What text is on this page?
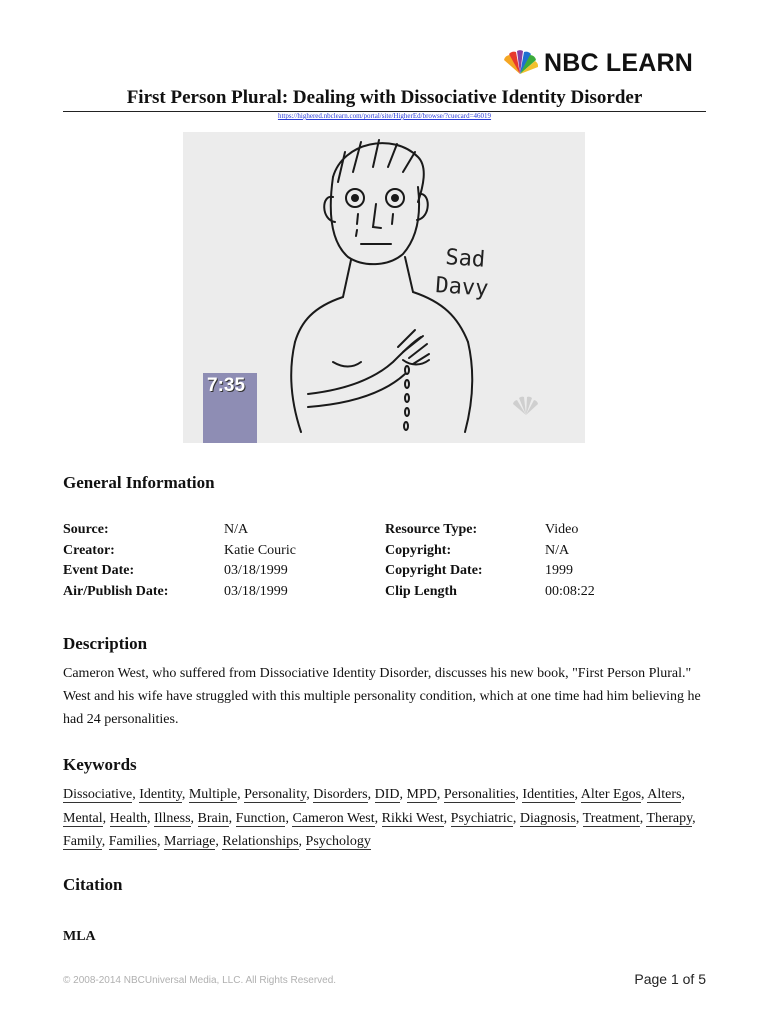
NBC LEARN
First Person Plural: Dealing with Dissociative Identity Disorder
https://highered.nbclearn.com/portal/site/HigherEd/browse/?cuecard=46019
Sad
Davy
7:35
General Information
Source:	N/A	Resource Type:	Video
Creator:	Katie Couric	Copyright:	N/A
Event Date:	03/18/1999	Copyright Date:	1999
Air/Publish Date:	03/18/1999	Clip Length	00:08:22
Description

Cameron West, who suffered from Dissociative Identity Disorder, discusses his new book, "First Person Plural." West and his wife have struggled with this multiple personality condition, which at one time had him believing he had 24 personalities.

Keywords

Dissociative, Identity, Multiple, Personality, Disorders, DID, MPD, Personalities, Identities, Alter Egos, Alters, Mental, Health, Illness, Brain, Function, Cameron West, Rikki West, Psychiatric, Diagnosis, Treatment, Therapy, Family, Families, Marriage, Relationships, Psychology

Citation

MLA

© 2008-2014 NBCUniversal Media, LLC. All Rights Reserved.	Page 1 of 5
